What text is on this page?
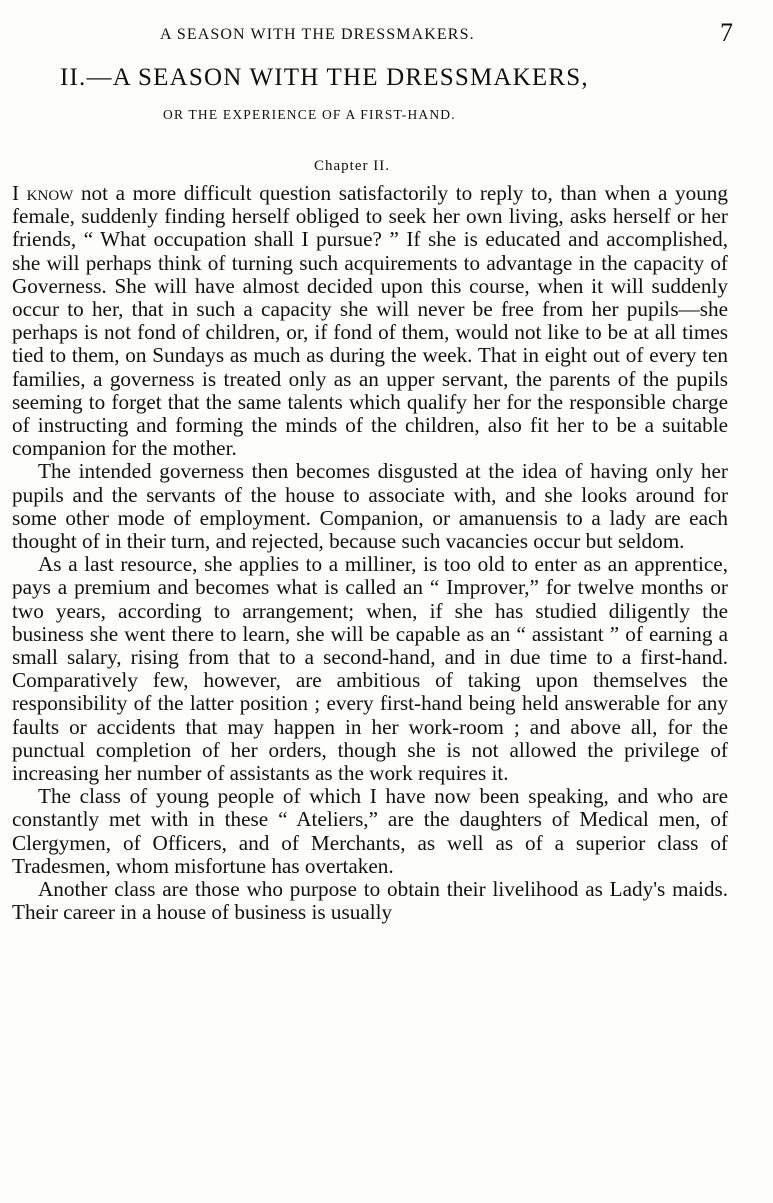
A SEASON WITH THE DRESSMAKERS.	7
II.—A SEASON WITH THE DRESSMAKERS,
OR THE EXPERIENCE OF A FIRST-HAND.
Chapter II.

I know not a more difficult question satisfactorily to reply to, than when a young female, suddenly finding herself obliged to seek her own living, asks herself or her friends, “ What occupation shall I pursue? ” If she is educated and accomplished, she will perhaps think of turning such acquirements to advantage in the capacity of Governess. She will have almost decided upon this course, when it will suddenly occur to her, that in such a capacity she will never be free from her pupils—she perhaps is not fond of children, or, if fond of them, would not like to be at all times tied to them, on Sundays as much as during the week. That in eight out of every ten families, a governess is treated only as an upper servant, the parents of the pupils seeming to forget that the same talents which qualify her for the responsible charge of instructing and forming the minds of the children, also fit her to be a suitable companion for the mother.

The intended governess then becomes disgusted at the idea of having only her pupils and the servants of the house to associate with, and she looks around for some other mode of employment. Companion, or amanuensis to a lady are each thought of in their turn, and rejected, because such vacancies occur but seldom.

As a last resource, she applies to a milliner, is too old to enter as an apprentice, pays a premium and becomes what is called an “ Improver,” for twelve months or two years, according to arrangement; when, if she has studied diligently the business she went there to learn, she will be capable as an “ assistant ” of earning a small salary, rising from that to a second-hand, and in due time to a first-hand. Comparatively few, however, are ambitious of taking upon themselves the responsibility of the latter position ; every first-hand being held answerable for any faults or accidents that may happen in her work-room ; and above all, for the punctual completion of her orders, though she is not allowed the privilege of increasing her number of assistants as the work requires it.

The class of young people of which I have now been speaking, and who are constantly met with in these “ Ateliers,” are the daughters of Medical men, of Clergymen, of Officers, and of Merchants, as well as of a superior class of Tradesmen, whom misfortune has overtaken.

Another class are those who purpose to obtain their livelihood as Lady's maids. Their career in a house of business is usually
